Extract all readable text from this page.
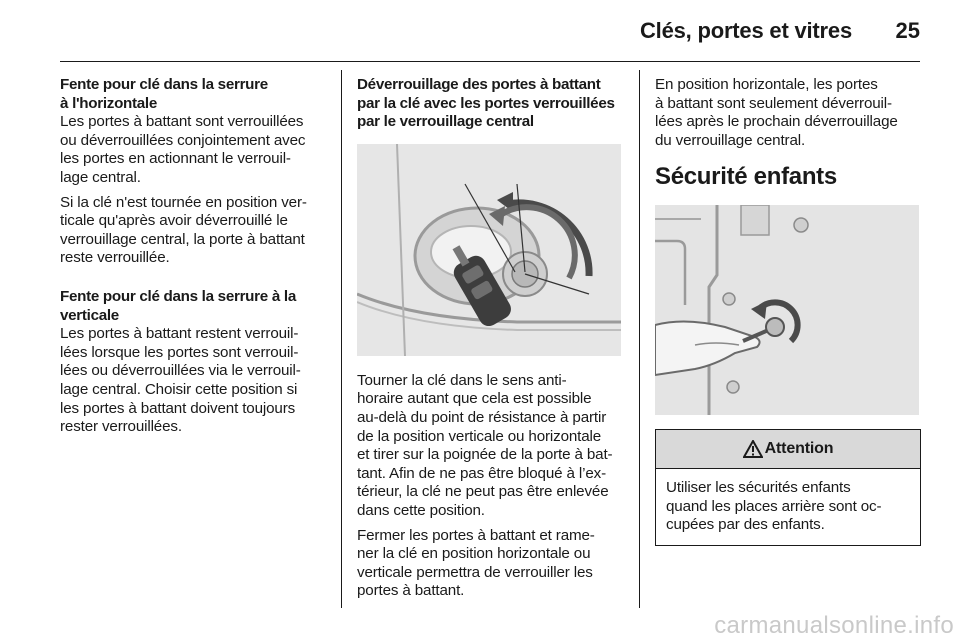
Clés, portes et vitres 25
Fente pour clé dans la serrure
à l'horizontale

Les portes à battant sont verrouillées
ou déverrouillées conjointement avec
les portes en actionnant le verrouil-
lage central.

Si la clé n'est tournée en position ver-
ticale qu'après avoir déverrouillé le
verrouillage central, la porte à battant
reste verrouillée.

Fente pour clé dans la serrure à la
verticale

Les portes à battant restent verrouil-
lées lorsque les portes sont verrouil-
lées ou déverrouillées via le verrouil-
lage central. Choisir cette position si
les portes à battant doivent toujours
rester verrouillées.

Déverrouillage des portes à battant
par la clé avec les portes verrouillées
par le verrouillage central

Tourner la clé dans le sens anti-
horaire autant que cela est possible
au-delà du point de résistance à partir
de la position verticale ou horizontale
et tirer sur la poignée de la porte à bat-
tant. Afin de ne pas être bloqué à l’ex-
térieur, la clé ne peut pas être enlevée
dans cette position.

Fermer les portes à battant et rame-
ner la clé en position horizontale ou
verticale permettra de verrouiller les
portes à battant.

En position horizontale, les portes
à battant sont seulement déverrouil-
lées après le prochain déverrouillage
du verrouillage central.

Sécurité enfants
Attention
Utiliser les sécurités enfants
quand les places arrière sont oc-
cupées par des enfants.
carmanualsonline.info
